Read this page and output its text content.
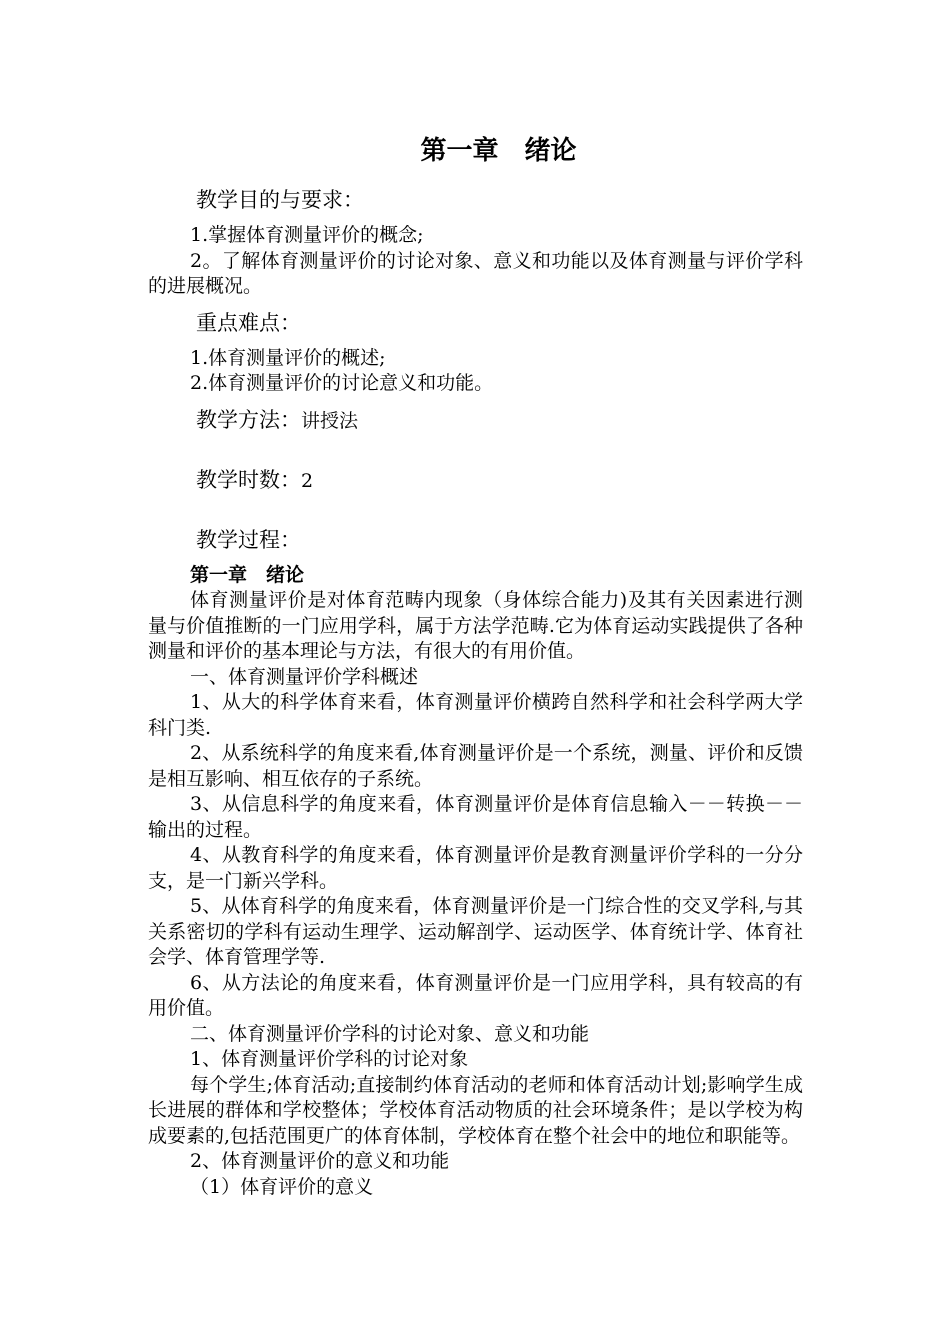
第一章　绪论
教学目的与要求：

1.掌握体育测量评价的概念;

2。了解体育测量评价的讨论对象、意义和功能以及体育测量与评价学科的进展概况。

重点难点：

1.体育测量评价的概述;

2.体育测量评价的讨论意义和功能。

教学方法：讲授法
教学时数：2
教学过程：
第一章　绪论

体育测量评价是对体育范畴内现象（身体综合能力)及其有关因素进行测量与价值推断的一门应用学科，属于方法学范畴.它为体育运动实践提供了各种测量和评价的基本理论与方法，有很大的有用价值。

一、体育测量评价学科概述

1、从大的科学体育来看，体育测量评价横跨自然科学和社会科学两大学科门类.

2、从系统科学的角度来看,体育测量评价是一个系统，测量、评价和反馈是相互影响、相互依存的子系统。

3、从信息科学的角度来看，体育测量评价是体育信息输入－－转换－－输出的过程。

4、从教育科学的角度来看，体育测量评价是教育测量评价学科的一分分支，是一门新兴学科。

5、从体育科学的角度来看，体育测量评价是一门综合性的交叉学科,与其关系密切的学科有运动生理学、运动解剖学、运动医学、体育统计学、体育社会学、体育管理学等.

6、从方法论的角度来看，体育测量评价是一门应用学科，具有较高的有用价值。

二、体育测量评价学科的讨论对象、意义和功能

1、体育测量评价学科的讨论对象

每个学生;体育活动;直接制约体育活动的老师和体育活动计划;影响学生成长进展的群体和学校整体；学校体育活动物质的社会环境条件；是以学校为构成要素的,包括范围更广的体育体制，学校体育在整个社会中的地位和职能等。

2、体育测量评价的意义和功能

（1）体育评价的意义
